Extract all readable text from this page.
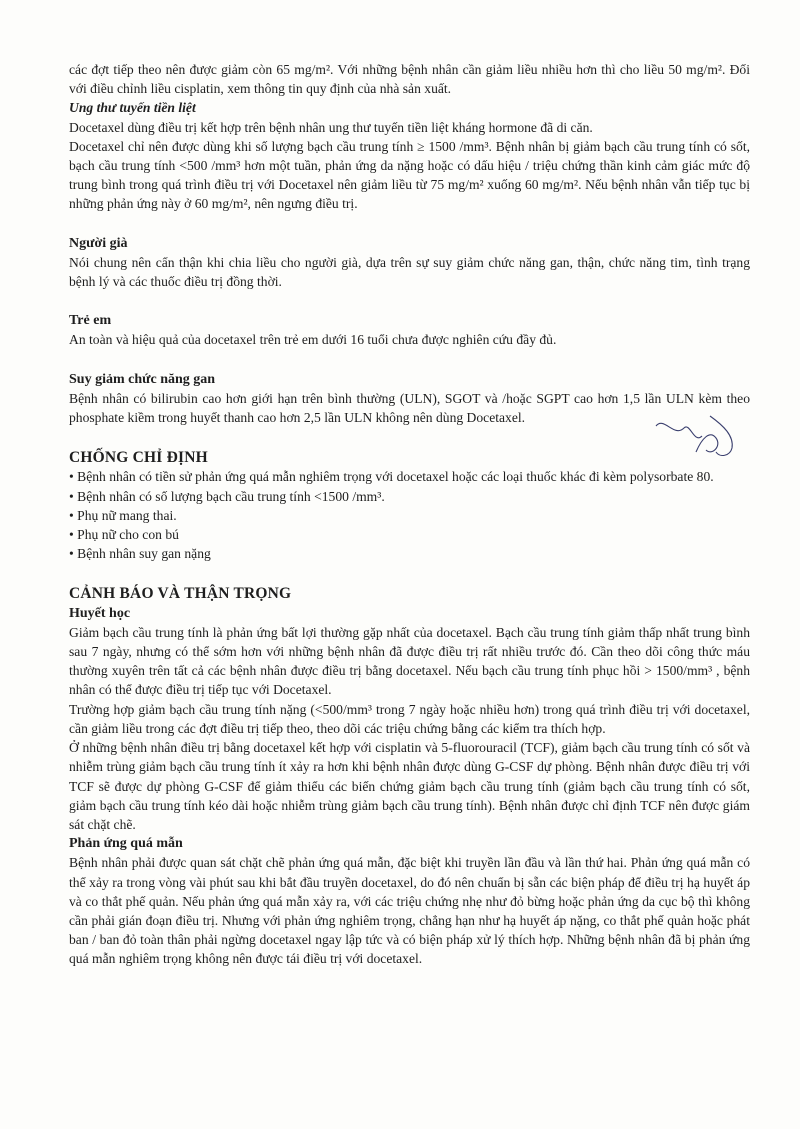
các đợt tiếp theo nên được giảm còn 65 mg/m². Với những bệnh nhân cần giảm liều nhiều hơn thì cho liều 50 mg/m². Đối với điều chỉnh liều cisplatin, xem thông tin quy định của nhà sản xuất.

Ung thư tuyến tiền liệt

Docetaxel dùng điều trị kết hợp trên bệnh nhân ung thư tuyến tiền liệt kháng hormone đã di căn.

Docetaxel chỉ nên được dùng khi số lượng bạch cầu trung tính ≥ 1500 /mm³. Bệnh nhân bị giảm bạch cầu trung tính có sốt, bạch cầu trung tính <500 /mm³ hơn một tuần, phản ứng da nặng hoặc có dấu hiệu / triệu chứng thần kinh cảm giác mức độ trung bình trong quá trình điều trị với Docetaxel nên giảm liều từ 75 mg/m² xuống 60 mg/m². Nếu bệnh nhân vẫn tiếp tục bị những phản ứng này ở 60 mg/m², nên ngưng điều trị.

Người già

Nói chung nên cẩn thận khi chia liều cho người già, dựa trên sự suy giảm chức năng gan, thận, chức năng tim, tình trạng bệnh lý và các thuốc điều trị đồng thời.

Trẻ em

An toàn và hiệu quả của docetaxel trên trẻ em dưới 16 tuổi chưa được nghiên cứu đầy đủ.

Suy giảm chức năng gan

Bệnh nhân có bilirubin cao hơn giới hạn trên bình thường (ULN), SGOT và /hoặc SGPT cao hơn 1,5 lần ULN kèm theo phosphate kiềm trong huyết thanh cao hơn 2,5 lần ULN không nên dùng Docetaxel.

CHỐNG CHỈ ĐỊNH

• Bệnh nhân có tiền sử phản ứng quá mẫn nghiêm trọng với docetaxel hoặc các loại thuốc khác đi kèm polysorbate 80.
• Bệnh nhân có số lượng bạch cầu trung tính <1500 /mm³.
• Phụ nữ mang thai.
• Phụ nữ cho con bú
• Bệnh nhân suy gan nặng

CẢNH BÁO VÀ THẬN TRỌNG

Huyết học

Giảm bạch cầu trung tính là phản ứng bất lợi thường gặp nhất của docetaxel. Bạch cầu trung tính giảm thấp nhất trung bình sau 7 ngày, nhưng có thể sớm hơn với những bệnh nhân đã được điều trị rất nhiều trước đó. Cần theo dõi công thức máu thường xuyên trên tất cả các bệnh nhân được điều trị bằng docetaxel. Nếu bạch cầu trung tính phục hồi > 1500/mm³ , bệnh nhân có thể được điều trị tiếp tục với Docetaxel.

Trường hợp giảm bạch cầu trung tính nặng (<500/mm³ trong 7 ngày hoặc nhiều hơn) trong quá trình điều trị với docetaxel, cần giảm liều trong các đợt điều trị tiếp theo, theo dõi các triệu chứng bằng các kiểm tra thích hợp.

Ở những bệnh nhân điều trị bằng docetaxel kết hợp với cisplatin và 5-fluorouracil (TCF), giảm bạch cầu trung tính có sốt và nhiễm trùng giảm bạch cầu trung tính ít xảy ra hơn khi bệnh nhân được dùng G-CSF dự phòng. Bệnh nhân được điều trị với TCF sẽ được dự phòng G-CSF để giảm thiểu các biến chứng giảm bạch cầu trung tính (giảm bạch cầu trung tính có sốt, giảm bạch cầu trung tính kéo dài hoặc nhiễm trùng giảm bạch cầu trung tính). Bệnh nhân được chỉ định TCF nên được giám sát chặt chẽ.

Phản ứng quá mẫn

Bệnh nhân phải được quan sát chặt chẽ phản ứng quá mẫn, đặc biệt khi truyền lần đầu và lần thứ hai. Phản ứng quá mẫn có thể xảy ra trong vòng vài phút sau khi bắt đầu truyền docetaxel, do đó nên chuẩn bị sẵn các biện pháp để điều trị hạ huyết áp và co thắt phế quản. Nếu phản ứng quá mẫn xảy ra, với các triệu chứng nhẹ như đỏ bừng hoặc phản ứng da cục bộ thì không cần phải gián đoạn điều trị. Nhưng với phản ứng nghiêm trọng, chẳng hạn như hạ huyết áp nặng, co thắt phế quản hoặc phát ban / ban đỏ toàn thân phải ngừng docetaxel ngay lập tức và có biện pháp xử lý thích hợp. Những bệnh nhân đã bị phản ứng quá mẫn nghiêm trọng không nên được tái điều trị với docetaxel.
